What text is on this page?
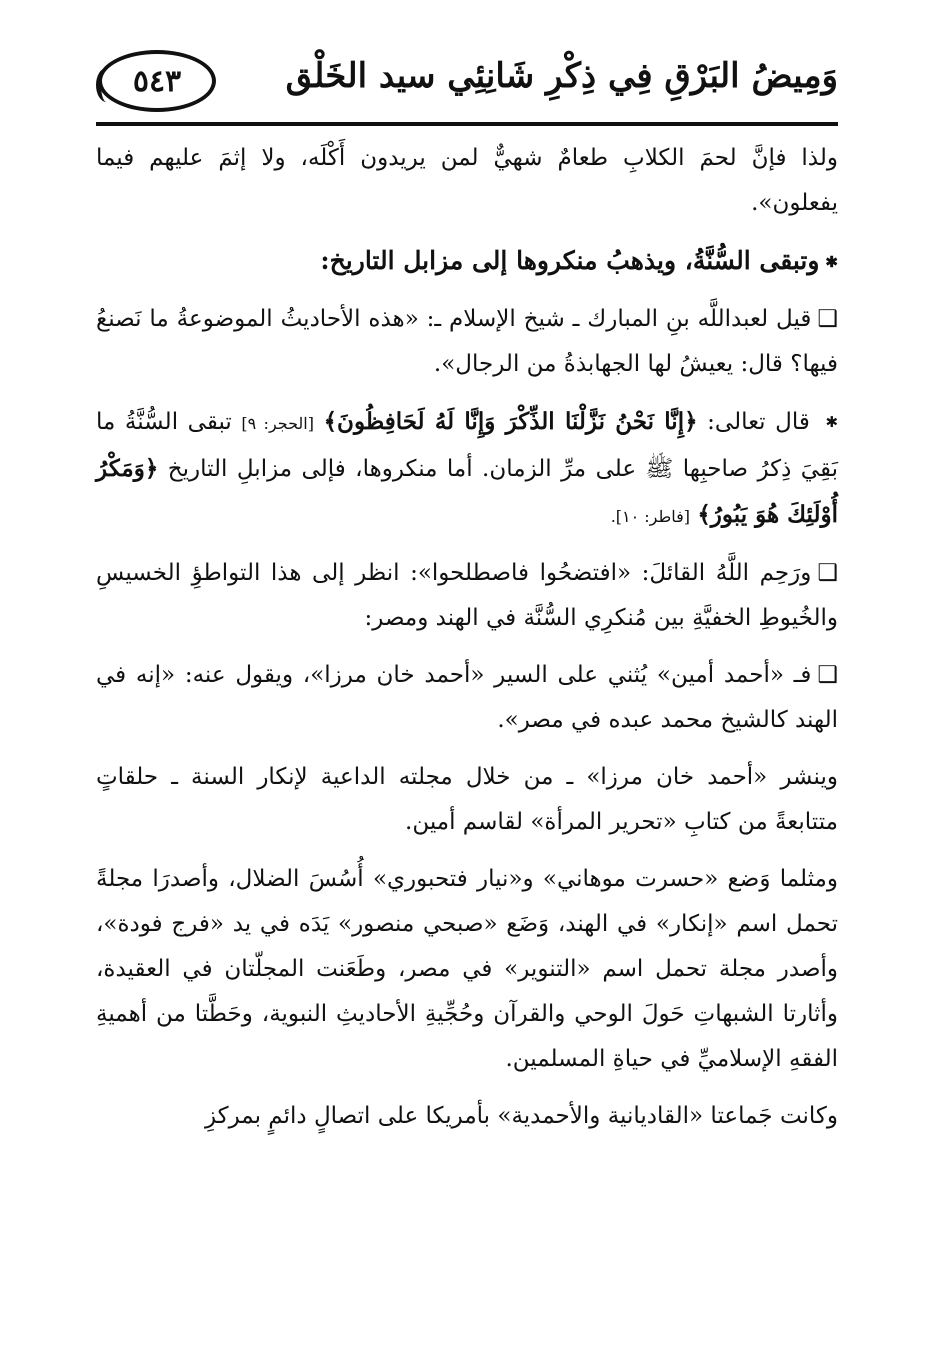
وَمِيضُ البَرْقِ فِي ذِكْرِ شَانِئِي سيد الخَلْق
٥٤٣

ولذا فإنَّ لحمَ الكلابِ طعامٌ شهيٌّ لمن يريدون أَكْلَه، ولا إثمَ عليهم فيما يفعلون».

✱وتبقى السُّنَّةُ، ويذهبُ منكروها إلى مزابل التاريخ:

❑قيل لعبداللَّه بنِ المبارك ـ شيخ الإسلام ـ: «هذه الأحاديثُ الموضوعةُ ما نَصنعُ فيها؟ قال: يعيشُ لها الجهابذةُ من الرجال».

✱ قال تعالى: ﴿إِنَّا نَحْنُ نَزَّلْنَا الذِّكْرَ وَإِنَّا لَهُ لَحَافِظُونَ﴾ [الحجر: ٩] تبقى السُّنَّةُ ما بَقِيَ ذِكرُ صاحبِها ﷺ على مرِّ الزمان. أما منكروها، فإلى مزابلِ التاريخ ﴿وَمَكْرُ أُوْلَئِكَ هُوَ يَبُورُ﴾ [فاطر: ١٠].

❑ورَحِم اللَّهُ القائلَ: «افتضحُوا فاصطلحوا»: انظر إلى هذا التواطؤِ الخسيسِ والخُيوطِ الخفيَّةِ بين مُنكرِي السُّنَّة في الهند ومصر:

❑فـ «أحمد أمين» يُثني على السير «أحمد خان مرزا»، ويقول عنه: «إنه في الهند كالشيخ محمد عبده في مصر».

وينشر «أحمد خان مرزا» ـ من خلال مجلته الداعية لإنكار السنة ـ حلقاتٍ متتابعةً من كتابِ «تحرير المرأة» لقاسم أمين.

ومثلما وَضع «حسرت موهاني» و«نيار فتحبوري» أُسُسَ الضلال، وأصدرَا مجلةً تحمل اسم «إنكار» في الهند، وَضَع «صبحي منصور» يَدَه في يد «فرج فودة»، وأصدر مجلة تحمل اسم «التنوير» في مصر، وطَعَنت المجلّتان في العقيدة، وأثارتا الشبهاتِ حَولَ الوحي والقرآن وحُجِّيةِ الأحاديثِ النبوية، وحَطَّتا من أهميةِ الفقهِ الإسلاميِّ في حياةِ المسلمين.

وكانت جَماعتا «القاديانية والأحمدية» بأمريكا على اتصالٍ دائمٍ بمركزِ
